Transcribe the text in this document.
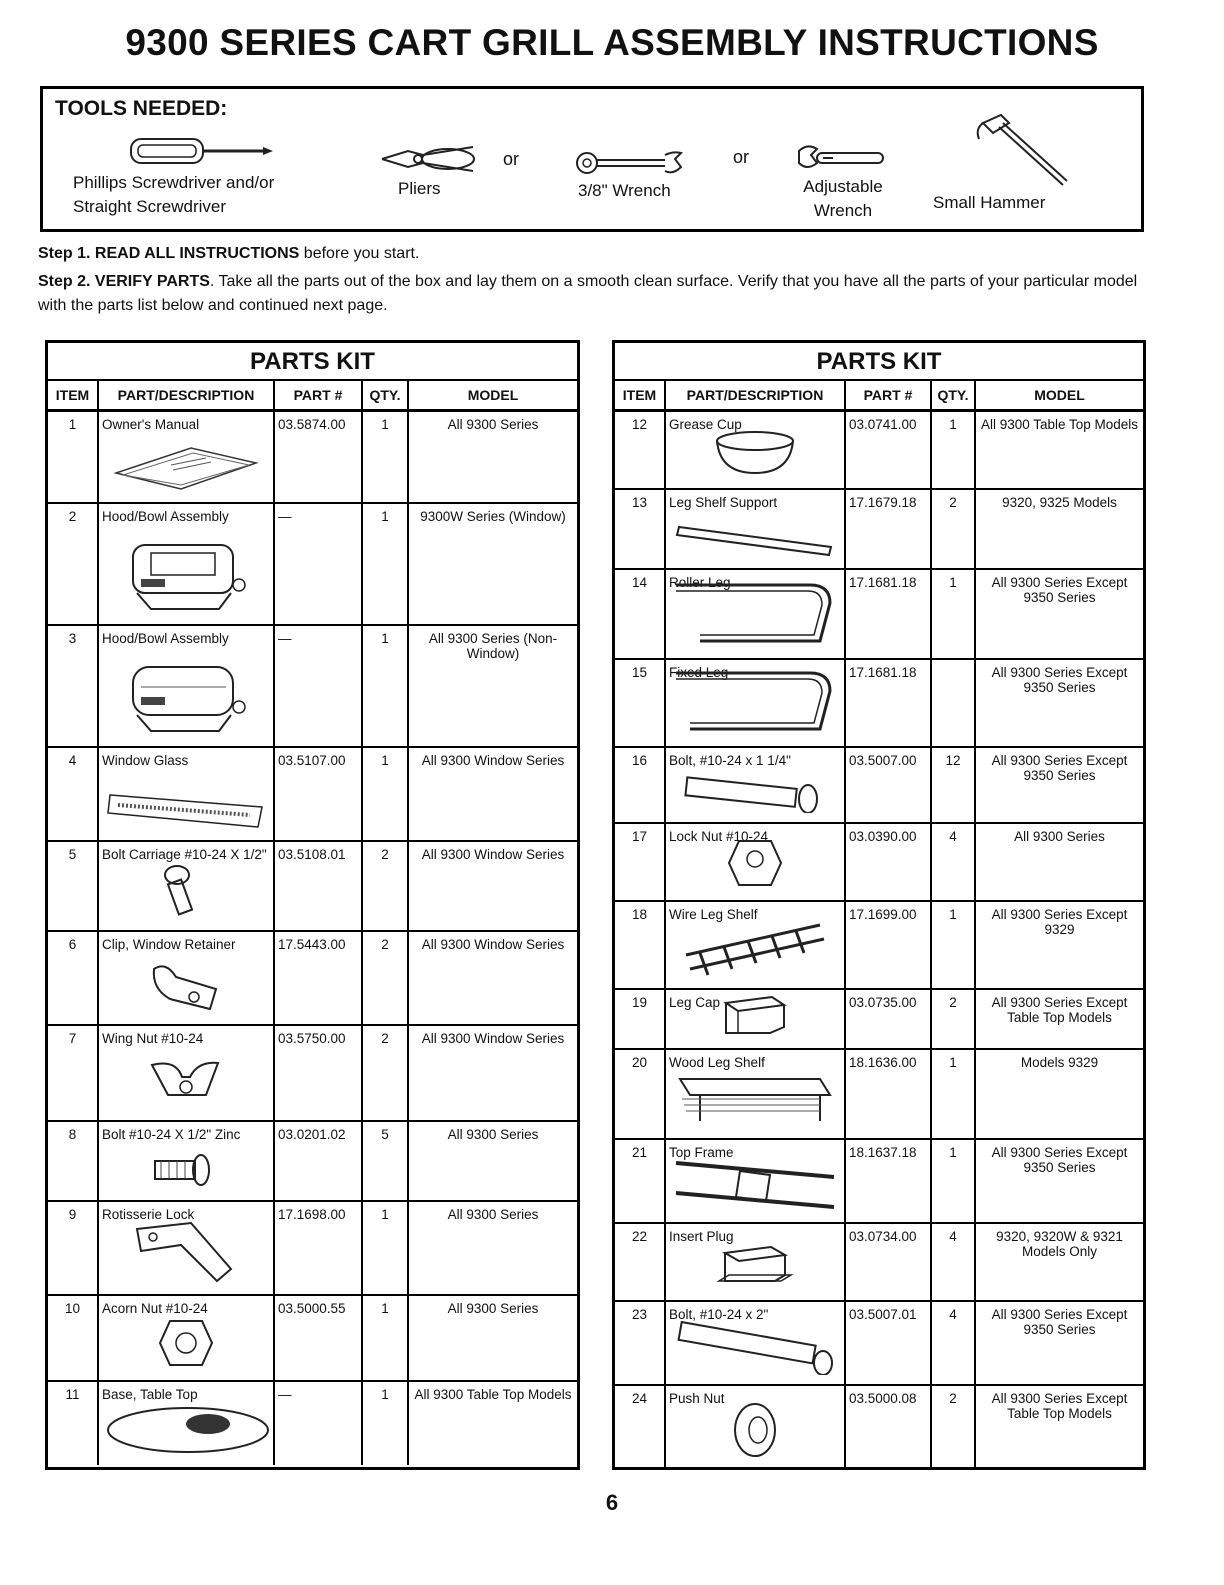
9300 SERIES CART GRILL ASSEMBLY INSTRUCTIONS
TOOLS NEEDED:
Phillips Screwdriver and/or
Straight Screwdriver
Pliers
or
3/8" Wrench
or
Adjustable
Wrench	Small Hammer
Step 1. READ ALL INSTRUCTIONS before you start.
Step 2. VERIFY PARTS. Take all the parts out of the box and lay them on a smooth clean surface. Verify that you have all the parts of your particular model with the parts list below and continued next page.
PARTS KIT
ITEM	PART/DESCRIPTION	PART #	QTY.	MODEL
1	Owner's Manual	03.5874.00	1	All 9300 Series
2	Hood/Bowl Assembly	—	1	9300W Series (Window)
3	Hood/Bowl Assembly	—	1	All 9300 Series (Non-Window)
4	Window Glass	03.5107.00	1	All 9300 Window Series
5	Bolt Carriage #10-24 X 1/2"	03.5108.01	2	All 9300 Window Series
6	Clip, Window Retainer	17.5443.00	2	All 9300 Window Series
7	Wing Nut #10-24	03.5750.00	2	All 9300 Window Series
8	Bolt #10-24 X 1/2" Zinc	03.0201.02	5	All 9300 Series
9	Rotisserie Lock	17.1698.00	1	All 9300 Series
10	Acorn Nut #10-24	03.5000.55	1	All 9300 Series
11	Base, Table Top	—	1	All 9300 Table Top Models
PARTS KIT
ITEM	PART/DESCRIPTION	PART #	QTY.	MODEL
12	Grease Cup	03.0741.00	1	All 9300 Table Top Models
13	Leg Shelf Support	17.1679.18	2	9320, 9325 Models
14	Roller Leg	17.1681.18	1	All 9300 Series Except 9350 Series
15	Fixed Leg	17.1681.18		All 9300 Series Except 9350 Series
16	Bolt, #10-24 x 1 1/4"	03.5007.00	12	All 9300 Series Except 9350 Series
17	Lock Nut #10-24	03.0390.00	4	All 9300 Series
18	Wire Leg Shelf	17.1699.00	1	All 9300 Series Except 9329
19	Leg Cap	03.0735.00	2	All 9300 Series Except Table Top Models
20	Wood Leg Shelf	18.1636.00	1	Models 9329
21	Top Frame	18.1637.18	1	All 9300 Series Except 9350 Series
22	Insert Plug	03.0734.00	4	9320, 9320W & 9321 Models Only
23	Bolt, #10-24 x 2"	03.5007.01	4	All 9300 Series Except 9350 Series
24	Push Nut	03.5000.08	2	All 9300 Series Except Table Top Models
6
